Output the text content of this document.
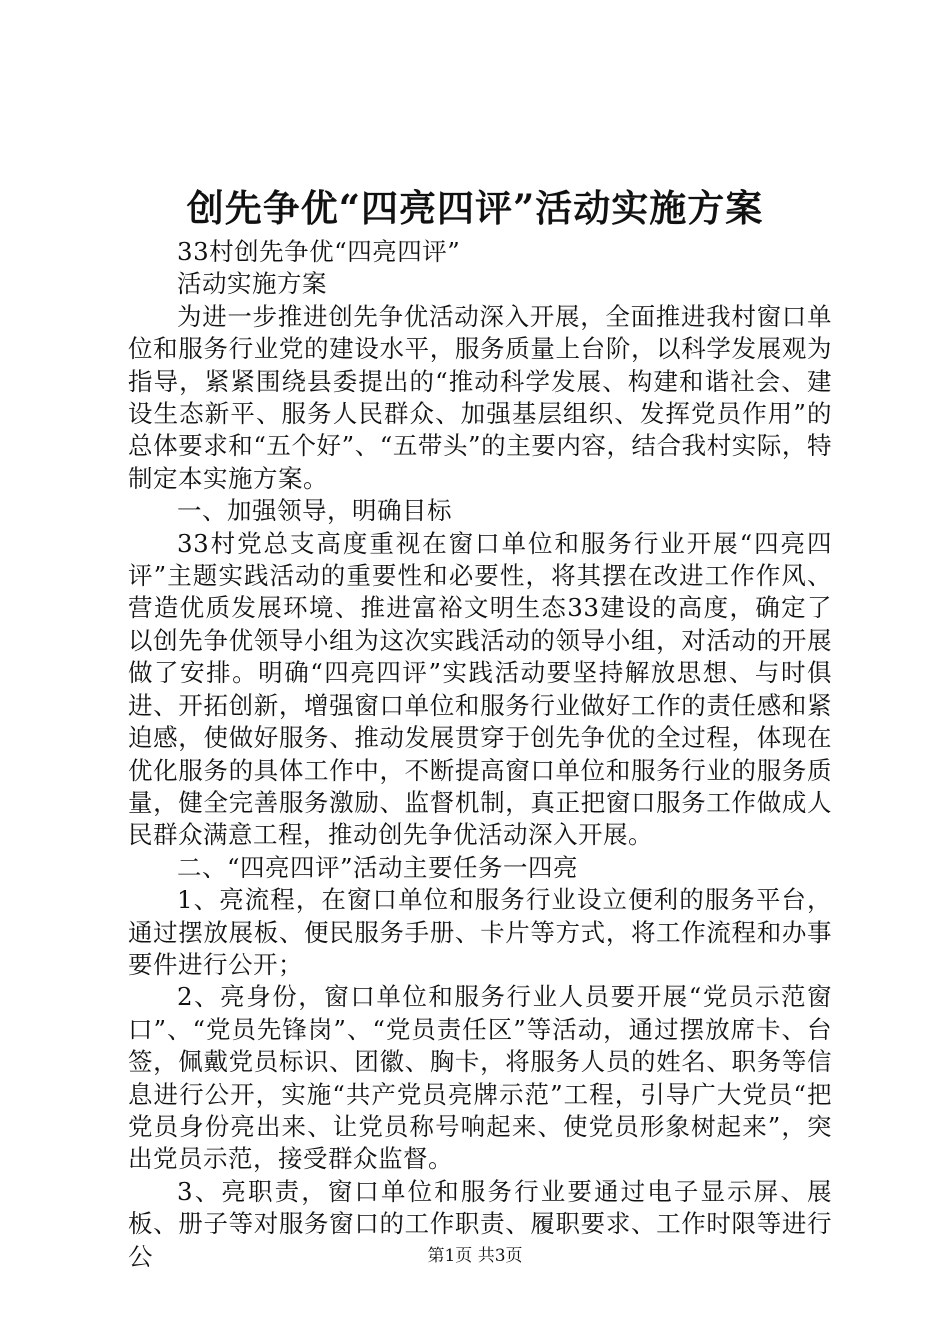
创先争优“四亮四评”活动实施方案

33村创先争优“四亮四评”

活动实施方案

为进一步推进创先争优活动深入开展，全面推进我村窗口单位和服务行业党的建设水平，服务质量上台阶，以科学发展观为指导，紧紧围绕县委提出的“推动科学发展、构建和谐社会、建设生态新平、服务人民群众、加强基层组织、发挥党员作用”的总体要求和“五个好”、“五带头”的主要内容，结合我村实际，特制定本实施方案。

一、加强领导，明确目标

33村党总支高度重视在窗口单位和服务行业开展“四亮四评”主题实践活动的重要性和必要性，将其摆在改进工作作风、营造优质发展环境、推进富裕文明生态33建设的高度，确定了以创先争优领导小组为这次实践活动的领导小组，对活动的开展做了安排。明确“四亮四评”实践活动要坚持解放思想、与时俱进、开拓创新，增强窗口单位和服务行业做好工作的责任感和紧迫感，使做好服务、推动发展贯穿于创先争优的全过程，体现在优化服务的具体工作中，不断提高窗口单位和服务行业的服务质量，健全完善服务激励、监督机制，真正把窗口服务工作做成人民群众满意工程，推动创先争优活动深入开展。

二、“四亮四评”活动主要任务一四亮

1、亮流程，在窗口单位和服务行业设立便利的服务平台，通过摆放展板、便民服务手册、卡片等方式，将工作流程和办事要件进行公开；

2、亮身份，窗口单位和服务行业人员要开展“党员示范窗口”、“党员先锋岗”、“党员责任区”等活动，通过摆放席卡、台签，佩戴党员标识、团徽、胸卡，将服务人员的姓名、职务等信息进行公开，实施“共产党员亮牌示范”工程，引导广大党员“把党员身份亮出来、让党员称号响起来、使党员形象树起来”，突出党员示范，接受群众监督。

3、亮职责，窗口单位和服务行业要通过电子显示屏、展板、册子等对服务窗口的工作职责、履职要求、工作时限等进行公	第1页 共3页
